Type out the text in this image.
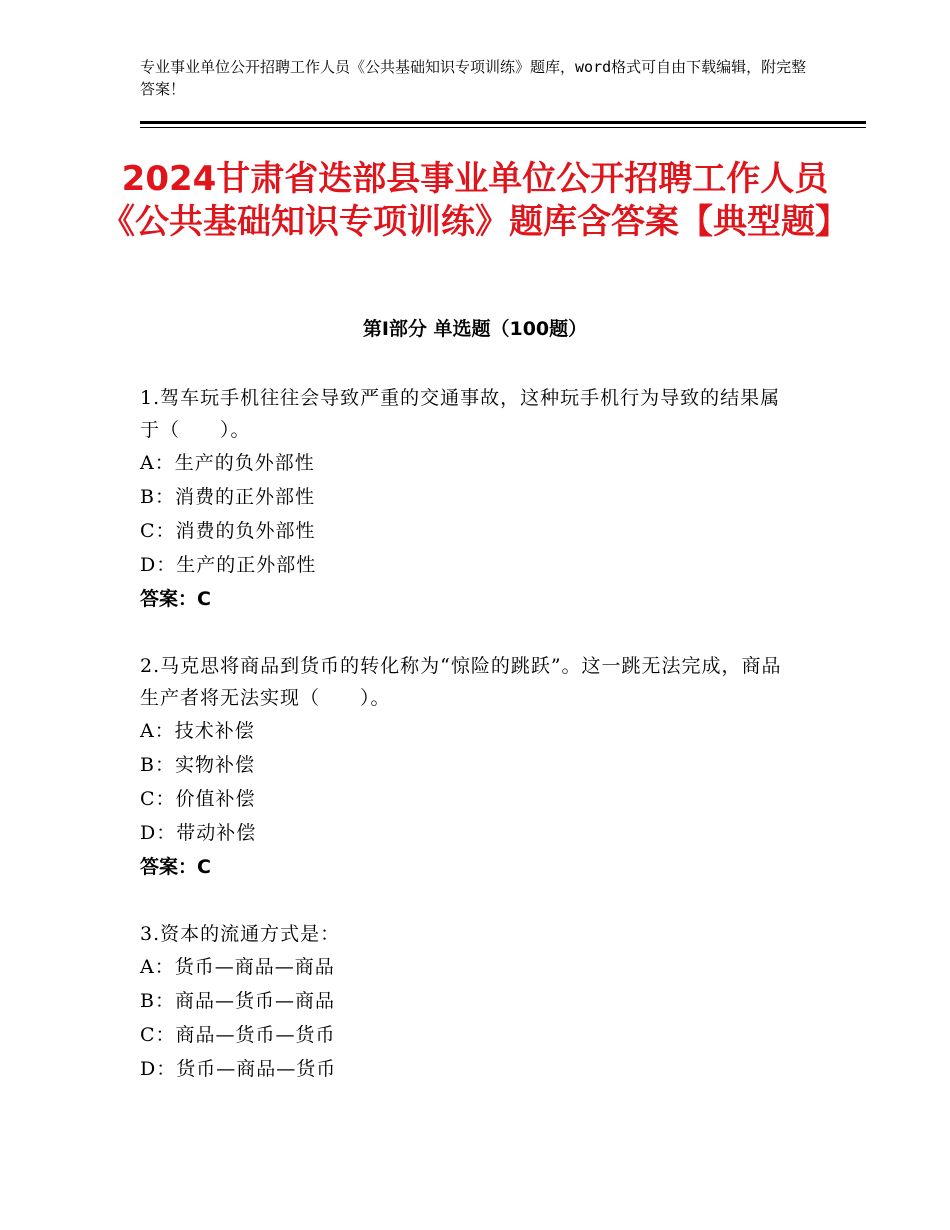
专业事业单位公开招聘工作人员《公共基础知识专项训练》题库，word格式可自由下载编辑，附完整答案！
2024甘肃省迭部县事业单位公开招聘工作人员《公共基础知识专项训练》题库含答案【典型题】
第Ⅰ部分 单选题（100题）
1.驾车玩手机往往会导致严重的交通事故，这种玩手机行为导致的结果属于（　　）。
A：生产的负外部性
B：消费的正外部性
C：消费的负外部性
D：生产的正外部性
答案：C
2.马克思将商品到货币的转化称为“惊险的跳跃”。这一跳无法完成，商品生产者将无法实现（　　）。
A：技术补偿
B：实物补偿
C：价值补偿
D：带动补偿
答案：C
3.资本的流通方式是：
A：货币—商品—商品
B：商品—货币—商品
C：商品—货币—货币
D：货币—商品—货币
